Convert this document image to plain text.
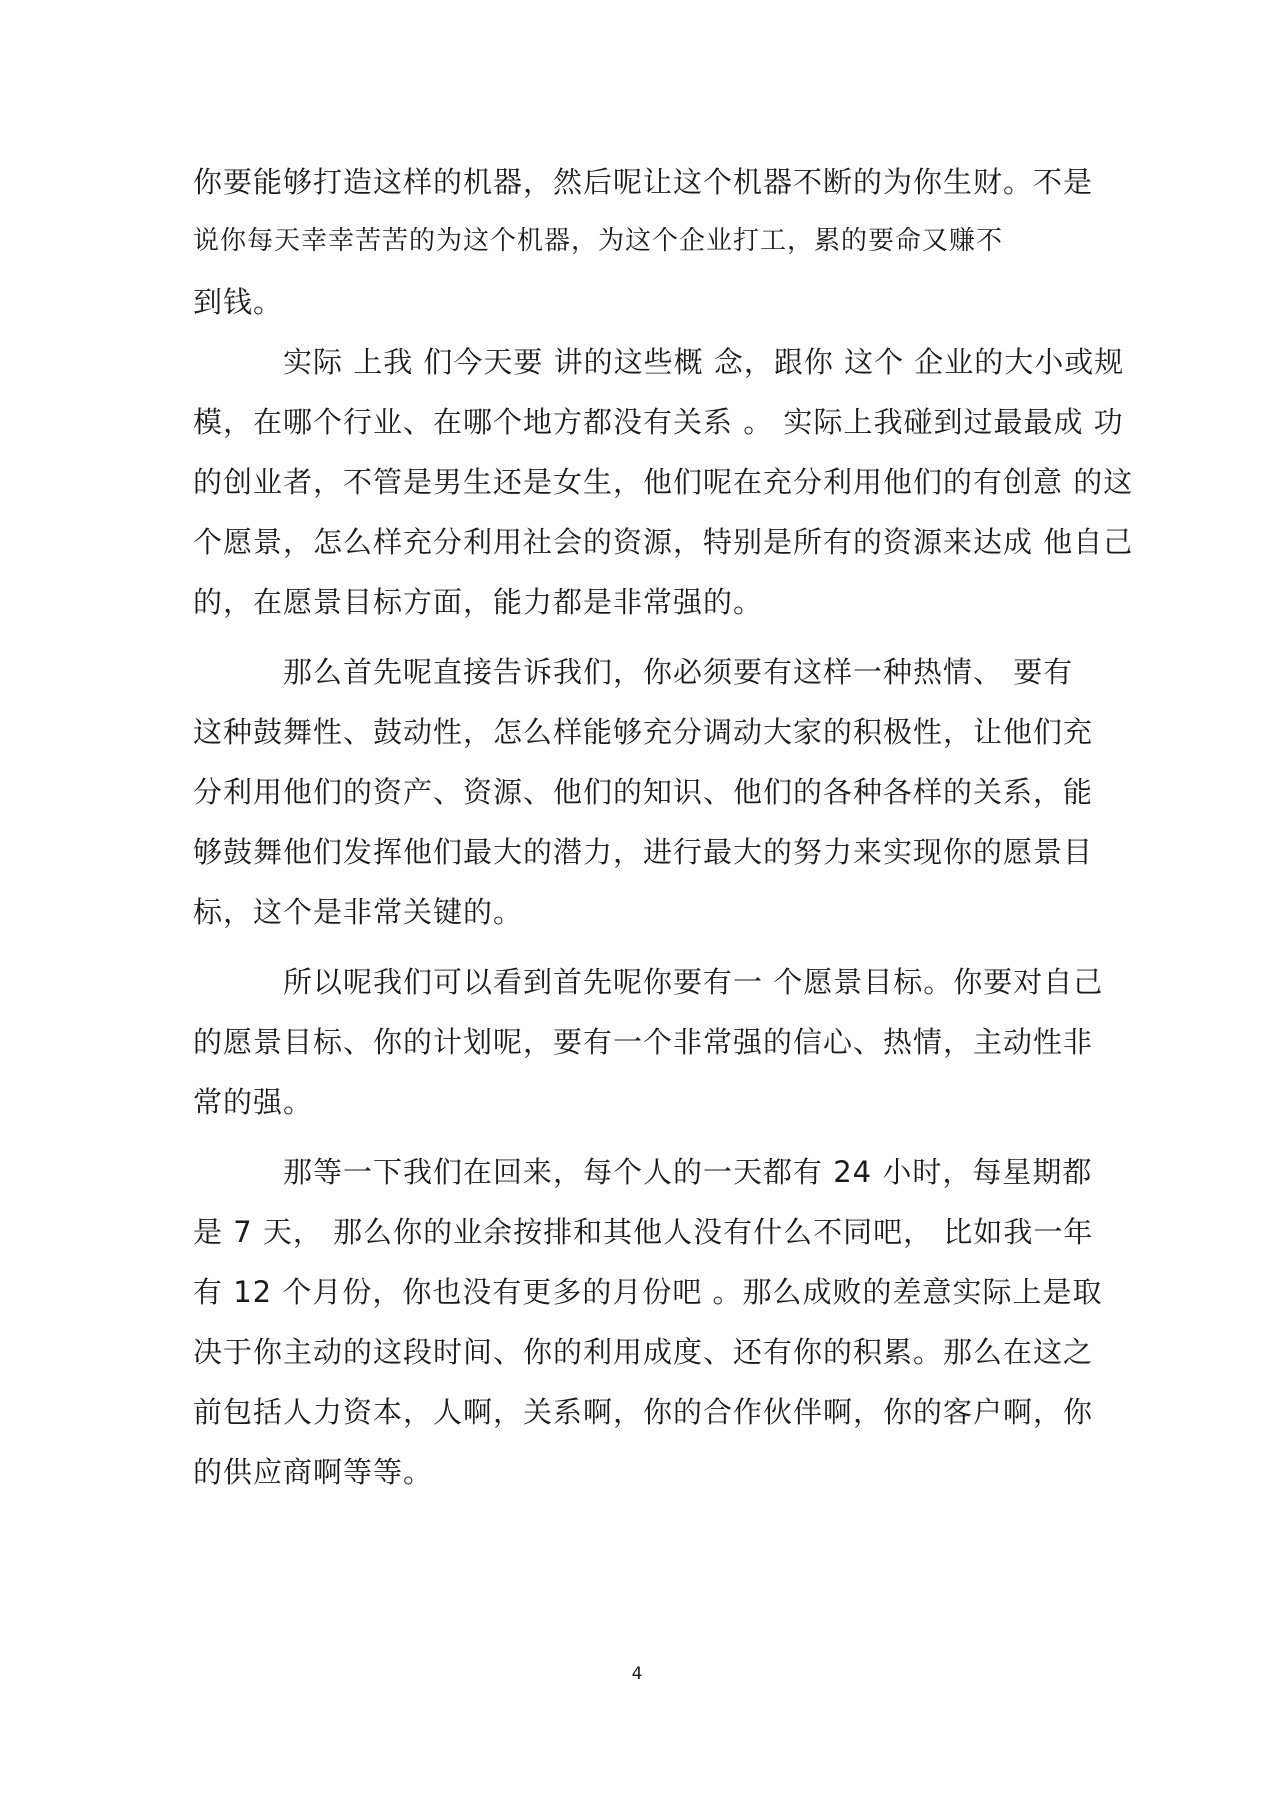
你要能够打造这样的机器，然后呢让这个机器不断的为你生财。不是
说你每天幸幸苦苦的为这个机器，为这个企业打工，累的要命又赚不
到钱。
实际 上我 们今天要 讲的这些概 念，跟你 这个 企业的大小或规
模，在哪个行业、在哪个地方都没有关系 。 实际上我碰到过最最成 功
的创业者，不管是男生还是女生，他们呢在充分利用他们的有创意 的这
个愿景，怎么样充分利用社会的资源，特别是所有的资源来达成 他自己
的，在愿景目标方面，能力都是非常强的。
那么首先呢直接告诉我们，你必须要有这样一种热情、 要有
这种鼓舞性、鼓动性，怎么样能够充分调动大家的积极性，让他们充
分利用他们的资产、资源、他们的知识、他们的各种各样的关系，能
够鼓舞他们发挥他们最大的潜力，进行最大的努力来实现你的愿景目
标，这个是非常关键的。
所以呢我们可以看到首先呢你要有一 个愿景目标。你要对自己
的愿景目标、你的计划呢，要有一个非常强的信心、热情，主动性非
常的强。
那等一下我们在回来，每个人的一天都有 24 小时，每星期都
是 7 天， 那么你的业余按排和其他人没有什么不同吧， 比如我一年
有 12 个月份，你也没有更多的月份吧 。那么成败的差意实际上是取
决于你主动的这段时间、你的利用成度、还有你的积累。那么在这之
前包括人力资本，人啊，关系啊，你的合作伙伴啊，你的客户啊，你
的供应商啊等等。
4
